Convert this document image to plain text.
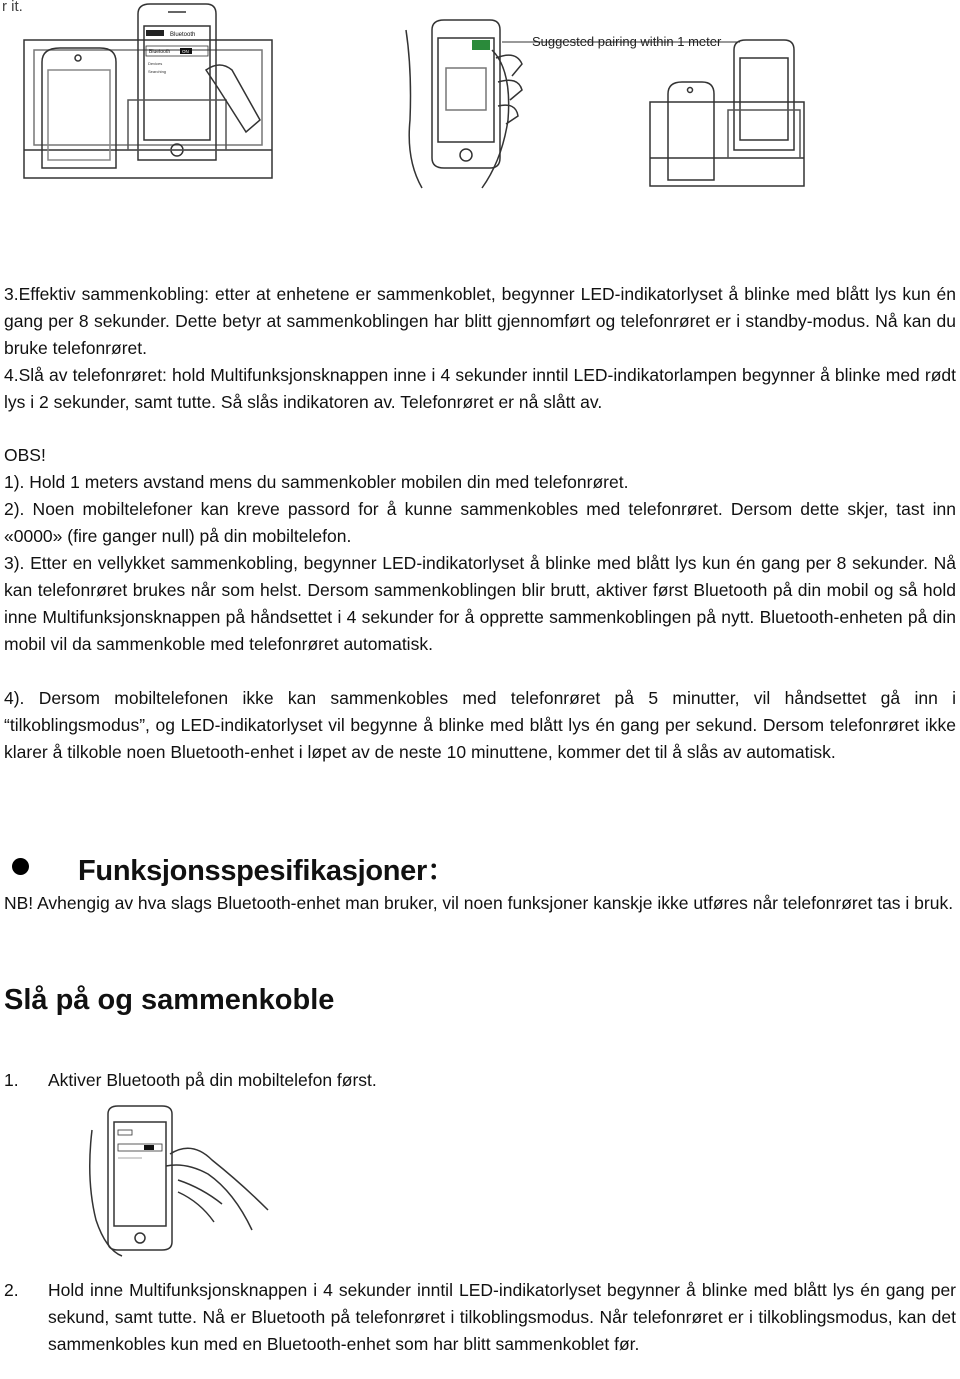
r it.
Bluetooth
Bluetooth	ON
Devices
Searching
Suggested pairing within 1 meter

3.Effektiv sammenkobling: etter at enhetene er sammenkoblet, begynner LED-indikatorlyset å blinke med blått lys kun én gang per 8 sekunder. Dette betyr at sammenkoblingen har blitt gjennomført og telefonrøret er i standby-modus. Nå kan du bruke telefonrøret.

4.Slå av telefonrøret: hold Multifunksjonsknappen inne i 4 sekunder inntil LED-indikatorlampen begynner å blinke med rødt lys i 2 sekunder, samt tutte. Så slås indikatoren av. Telefonrøret er nå slått av.

OBS!

1). Hold 1 meters avstand mens du sammenkobler mobilen din med telefonrøret.

2). Noen mobiltelefoner kan kreve passord for å kunne sammenkobles med telefonrøret. Dersom dette skjer, tast inn «0000» (fire ganger null) på din mobiltelefon.

3). Etter en vellykket sammenkobling, begynner LED-indikatorlyset å blinke med blått lys kun én gang per 8 sekunder. Nå kan telefonrøret brukes når som helst. Dersom sammenkoblingen blir brutt, aktiver først Bluetooth på din mobil og så hold inne Multifunksjonsknappen på håndsettet i 4 sekunder for å opprette sammenkoblingen på nytt. Bluetooth-enheten på din mobil vil da sammenkoble med telefonrøret automatisk.

4). Dersom mobiltelefonen ikke kan sammenkobles med telefonrøret på 5 minutter, vil håndsettet gå inn i “tilkoblingsmodus”, og LED-indikatorlyset vil begynne å blinke med blått lys én gang per sekund. Dersom telefonrøret ikke klarer å tilkoble noen Bluetooth-enhet i løpet av de neste 10 minuttene, kommer det til å slås av automatisk.

Funksjonsspesifikasjoner：

NB! Avhengig av hva slags Bluetooth-enhet man bruker, vil noen funksjoner kanskje ikke utføres når telefonrøret tas i bruk.

Slå på og sammenkoble
1.	Aktiver Bluetooth på din mobiltelefon først.
2.	Hold inne Multifunksjonsknappen i 4 sekunder inntil LED-indikatorlyset begynner å blinke med blått lys én gang per sekund, samt tutte. Nå er Bluetooth på telefonrøret i tilkoblingsmodus. Når telefonrøret er i tilkoblingsmodus, kan det sammenkobles kun med en Bluetooth-enhet som har blitt sammenkoblet før.
